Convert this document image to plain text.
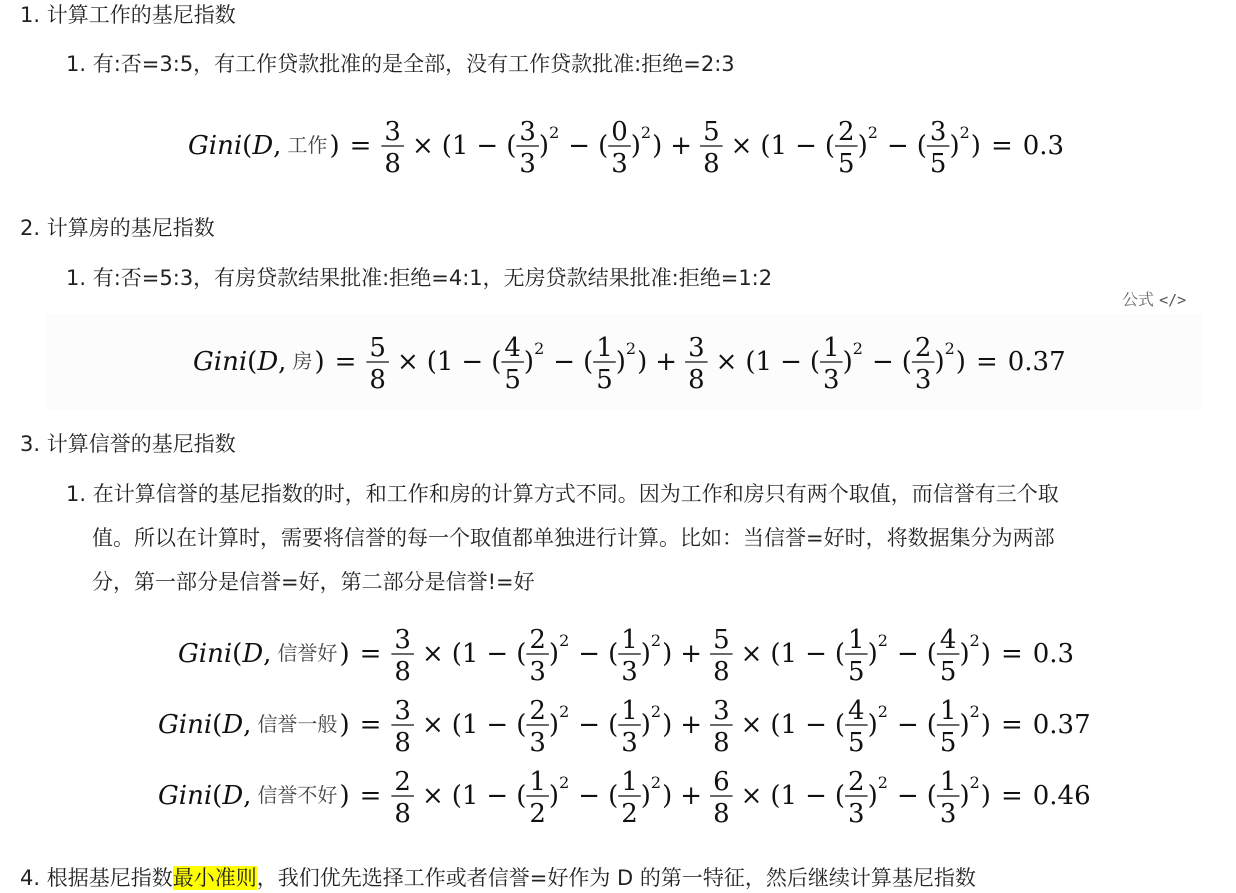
1. 计算工作的基尼指数
1. 有:否=3:5，有工作贷款批准的是全部，没有工作贷款批准:拒绝=2:3
Gini ( D , 工作 ) = 3
8
× (1 − ( 3
3
) 2 − ( 0
3
) 2 ) + 5
8
× (1 − ( 2
5
) 2 − ( 3
5
) 2 ) = 0.3
2. 计算房的基尼指数
1. 有:否=5:3，有房贷款结果批准:拒绝=4:1，无房贷款结果批准:拒绝=1:2
公式 </>
Gini ( D , 房 ) = 5
8
× (1 − ( 4
5
) 2 − ( 1
5
) 2 ) + 3
8
× (1 − ( 1
3
) 2 − ( 2
3
) 2 ) = 0.37
3. 计算信誉的基尼指数
1. 在计算信誉的基尼指数的时，和工作和房的计算方式不同。因为工作和房只有两个取值，而信誉有三个取
值。所以在计算时，需要将信誉的每一个取值都单独进行计算。比如：当信誉=好时，将数据集分为两部
分，第一部分是信誉=好，第二部分是信誉!=好
Gini ( D , 信誉好 ) = 3
8
× (1 − ( 2
3
) 2 − ( 1
3
) 2 ) + 5
8
× (1 − ( 1
5
) 2 − ( 4
5
) 2 ) = 0.3
Gini ( D , 信誉一般 ) = 3
8
× (1 − ( 2
3
) 2 − ( 1
3
) 2 ) + 3
8
× (1 − ( 4
5
) 2 − ( 1
5
) 2 ) = 0.37
Gini ( D , 信誉不好 ) = 2
8
× (1 − ( 1
2
) 2 − ( 1
2
) 2 ) + 6
8
× (1 − ( 2
3
) 2 − ( 1
3
) 2 ) = 0.46
4. 根据基尼指数最小准则，我们优先选择工作或者信誉=好作为 D 的第一特征，然后继续计算基尼指数
